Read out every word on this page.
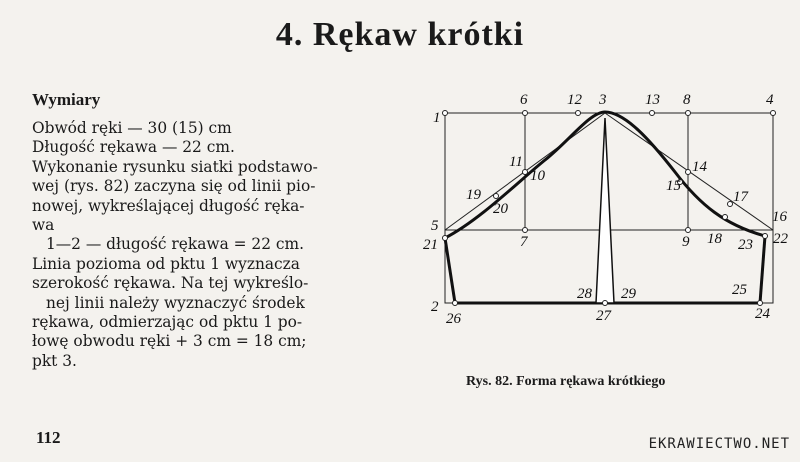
4. Rękaw krótki
Wymiary
Obwód ręki — 30 (15) cm
Długość rękawa — 22 cm.
Wykonanie rysunku siatki podstawo-
wej (rys. 82) zaczyna się od linii pio-
nowej, wykreślającej długość ręka-
wa
1—2 — długość rękawa = 22 cm.
Linia pozioma od pktu 1 wyznacza
szerokość rękawa. Na tej wykreślo-
nej linii należy wyznaczyć środek
rękawa, odmierzając od pktu 1 po-
łowę obwodu ręki + 3 cm = 18 cm;
pkt 3.
1
2
3	4
5
6
7
8
9
10
11
12	13
14
15
16
17
18
19
20
21	22
23
24
25
26	27
28 29
Rys. 82. Forma rękawa krótkiego
112	EKRAWIECTWO.NET
